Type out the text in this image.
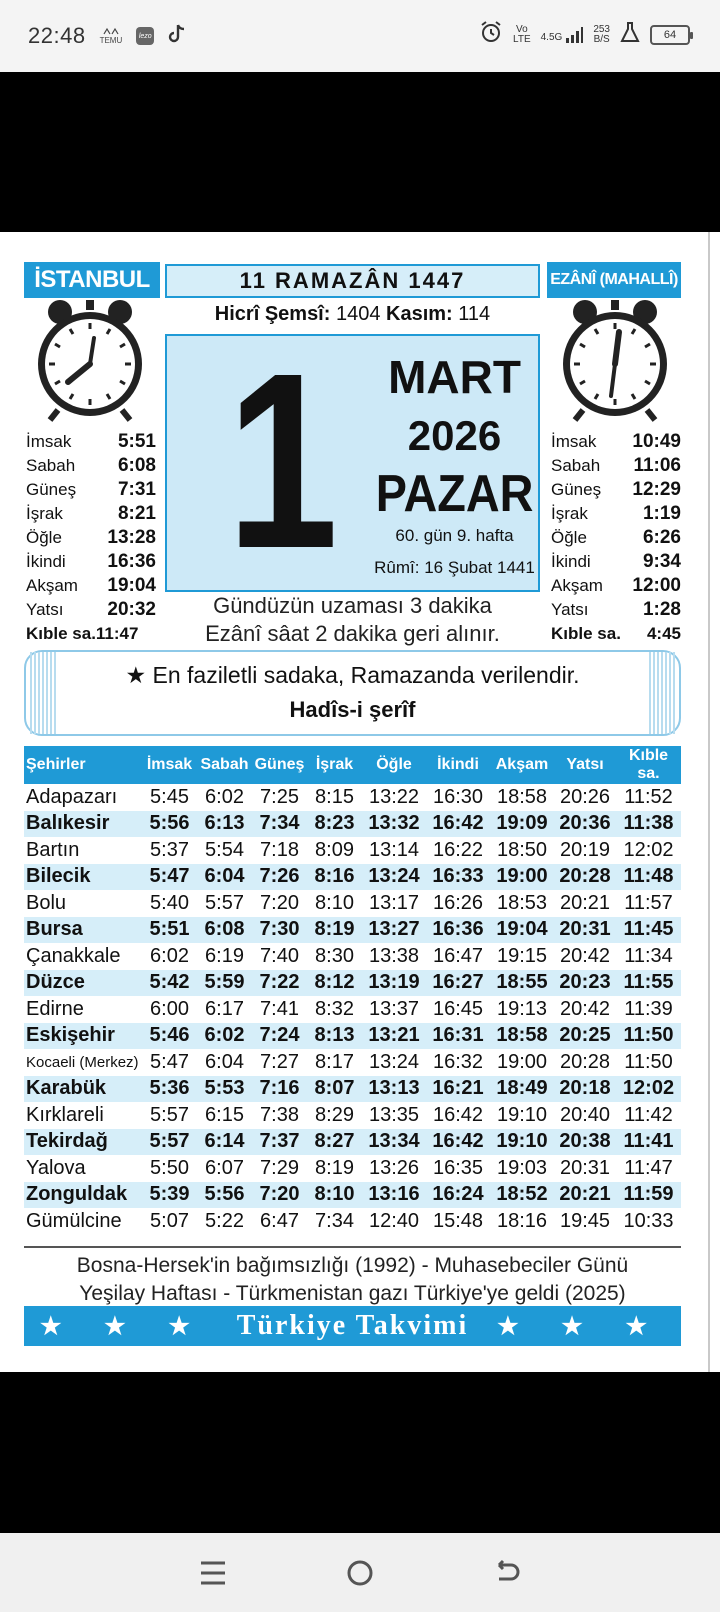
22:48 TEMU	lezo
Vo
LTE 4.5G
253
B/S	64
İSTANBUL	11 RAMAZÂN 1447	EZÂNÎ (MAHALLÎ)
Hicrî Şemsî: 1404 Kasım: 114
İmsak 5:51
Sabah 6:08
Güneş 7:31
İşrak	8:21
Öğle 13:28
İkindi 16:36
Akşam 19:04
Yatsı 20:32
Kıble sa.11:47
İmsak 10:49
Sabah 11:06
Güneş 12:29
İşrak	1:19
Öğle	6:26
İkindi	9:34
Akşam 12:00
Yatsı	1:28
Kıble sa. 4:45
1	MART
2026
PAZAR
60. gün 9. hafta
Rûmî: 16 Şubat 1441
Gündüzün uzaması 3 dakika
Ezânî sâat 2 dakika geri alınır.
★ En faziletli sadaka, Ramazanda verilendir.
Hadîs-i şerîf
Şehirler	İmsak Sabah Güneş İşrak	Öğle	İkindi	Akşam	Yatsı
Kıble sa.
Adapazarı	5:45 6:02 7:25 8:15 13:22 16:30 18:58 20:26 11:52
Balıkesir	5:56 6:13 7:34 8:23 13:32 16:42 19:09 20:36 11:38
Bartın	5:37 5:54 7:18 8:09 13:14 16:22 18:50 20:19 12:02
Bilecik	5:47 6:04 7:26 8:16 13:24 16:33 19:00 20:28 11:48
Bolu	5:40 5:57 7:20 8:10 13:17 16:26 18:53 20:21 11:57
Bursa	5:51 6:08 7:30 8:19 13:27 16:36 19:04 20:31 11:45
Çanakkale	6:02 6:19 7:40 8:30 13:38 16:47 19:15 20:42 11:34
Düzce	5:42 5:59 7:22 8:12 13:19 16:27 18:55 20:23 11:55
Edirne	6:00 6:17 7:41 8:32 13:37 16:45 19:13 20:42 11:39
Eskişehir	5:46 6:02 7:24 8:13 13:21 16:31 18:58 20:25 11:50
Kocaeli (Merkez) 5:47 6:04 7:27 8:17 13:24 16:32 19:00 20:28 11:50
Karabük	5:36 5:53 7:16 8:07 13:13 16:21 18:49 20:18 12:02
Kırklareli	5:57 6:15 7:38 8:29 13:35 16:42 19:10 20:40 11:42
Tekirdağ	5:57 6:14 7:37 8:27 13:34 16:42 19:10 20:38 11:41
Yalova	5:50 6:07 7:29 8:19 13:26 16:35 19:03 20:31 11:47
Zonguldak	5:39 5:56 7:20 8:10 13:16 16:24 18:52 20:21 11:59
Gümülcine	5:07 5:22 6:47 7:34 12:40 15:48 18:16 19:45 10:33
Bosna-Hersek'in bağımsızlığı (1992) - Muhasebeciler Günü
Yeşilay Haftası - Türkmenistan gazı Türkiye'ye geldi (2025)
★ ★ ★ Türkiye Takvimi ★ ★ ★
